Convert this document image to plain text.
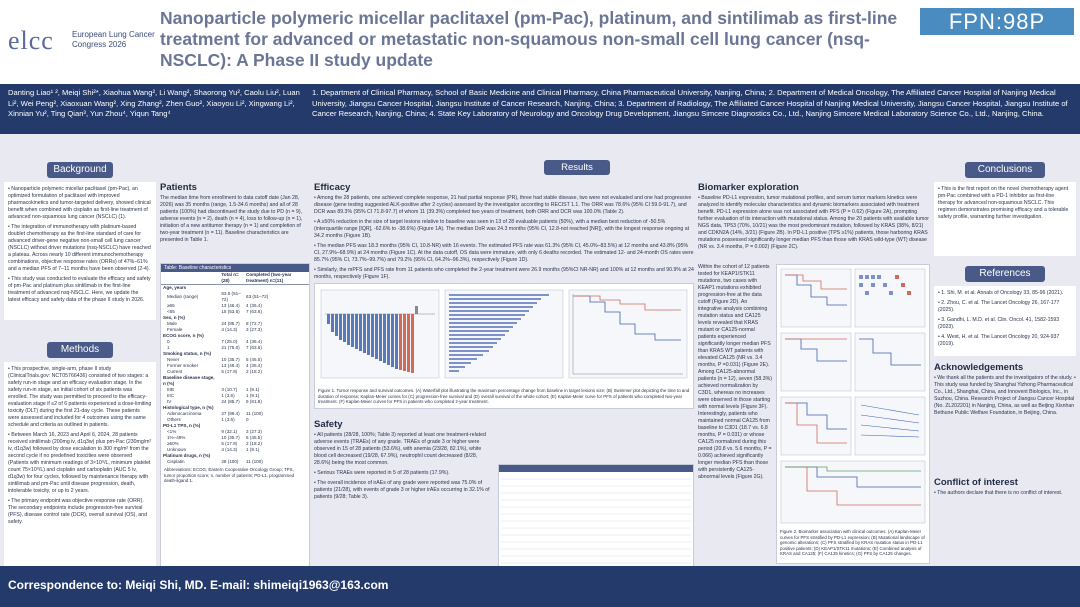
elcc European Lung Cancer Congress 2026
Nanoparticle polymeric micellar paclitaxel (pm-Pac), platinum, and sintilimab as first-line treatment for advanced or metastatic non-squamous non-small cell lung cancer (nsq-NSCLC): A Phase II study update
FPN:98P
Danting Liao¹ ², Meiqi Shi²*, Xiaohua Wang², Li Wang², Shaorong Yu², Caolu Liu², Luan Li², Wei Peng², Xiaoxuan Wang², Xing Zhang², Zhen Guo², Xiaoyou Li², Xingwang Li², Xinnian Yu², Ting Qian³, Yun Zhou⁴, Yiqun Tang⁴
1. Department of Clinical Pharmacy, School of Basic Medicine and Clinical Pharmacy, China Pharmaceutical University, Nanjing, China; 2. Department of Medical Oncology, The Affiliated Cancer Hospital of Nanjing Medical University, Jiangsu Cancer Hospital, Jiangsu Institute of Cancer Research, Nanjing, China; 3. Department of Radiology, The Affiliated Cancer Hospital of Nanjing Medical University, Jiangsu Cancer Hospital, Jiangsu Institute of Cancer Research, Nanjing, China; 4. State Key Laboratory of Neurology and Oncology Drug Development, Jiangsu Simcere Diagnostics Co., Ltd., Nanjing Simcere Medical Laboratory Science Co., Ltd., Nanjing, China.
Background

• Nanoparticle polymeric micellar paclitaxel (pm-Pac), an optimized formulation of paclitaxel with improved pharmacokinetics and tumor-targeted delivery, showed clinical benefit when combined with cisplatin as first-line treatment of advanced non-squamous lung cancer (NSCLC) (1).

• The integration of immunotherapy with platinum-based doublet chemotherapy as the first-line standard of care for advanced driver-gene negative non-small cell lung cancer (NSCLC) without driver mutations (nsq-NSCLC) have reached a plateau. Across nearly 10 different immunochemotherapy combinations, objective response rates (ORRs) of 47%–61% and a median PFS of 7–11 months have been observed (2-4).

• This study was conducted to evaluate the efficacy and safety of pm-Pac and platinum plus sintilimab in the first-line treatment of advanced nsq-NSCLC. Here, we update the latest efficacy and safety data of the phase II study in 2026.

Methods

• This prospective, single-arm, phase II study (ClinicalTrials.gov: NCT05766436) consisted of two stages: a safety run-in stage and an efficacy evaluation stage. In the safety run-in stage, an initial cohort of six patients was enrolled. The study was permitted to proceed to the efficacy-evaluation stage if ≤2 of 6 patients experienced a dose-limiting toxicity (DLT) during the first 21-day cycle. These patients were assessed and included for 4 outcomes using the same schedule and criteria as outlined in patients.

• Between March 16, 2023 and April 6, 2024, 28 patients received sintilimab (200mg iv, d1q3w) plus pm-Pac (230mg/m² iv, d1q3w) followed by dose escalation to 300 mg/m² from the second cycle if no predefined toxicities were observed (Patients with minimum readings of 3×10⁹/L, minimum platelet count 75×10⁹/L) and cisplatin and carboplatin (AUC 5 iv, d1q3w) for four cycles, followed by maintenance therapy with sintilimab and pm-Pac until disease progression, death, intolerable toxicity, or up to 2 years.

• The primary endpoint was objective response rate (ORR). The secondary endpoints include progression-free survival (PFS), disease control rate (DCR), overall survival (OS), and safety.

Results
Patients
The median time from enrollment to data cutoff date (Jan 28, 2026) was 35 months (range, 1.5-34.6 months) and all of 28 patients (100%) had discontinued the study due to PD (n = 9), adverse events (n = 2), death (n = 4), loss to follow-up (n = 1), initiation of a new antitumor therapy (n = 1) and completion of two-year treatment (n = 11). Baseline characteristics are presented in Table 1.
Table: Baseline characteristics
	Total n=(28)	Completed (two-year treatment) n=(11)
Age, years		
Median (range)	63.5 (51–72)	63 (51–72)
≥65	13 (46.4)	4 (36.4)
<65	15 (53.6)	7 (63.6)
Sex, n (%)		
Male	24 (85.7)	8 (72.7)
Female	4 (14.3)	3 (27.3)
ECOG score, n (%)		
0	7 (25.0)	4 (36.4)
1	21 (75.0)	7 (63.6)
Smoking status, n (%)		
Never	10 (35.7)	5 (45.5)
Former smoker	13 (46.4)	4 (36.4)
Current	5 (17.9)	2 (18.2)
Baseline disease stage, n (%)		
IIIB	3 (10.7)	1 (9.1)
IIIC	1 (3.6)	1 (9.1)
IV	24 (85.7)	9 (81.8)
Histological type, n (%)		
Adenocarcinoma	27 (96.4)	11 (100)
Others	1 (3.6)	0
PD-L1 TPS, n (%)		
<1%	9 (32.1)	3 (27.3)
1%–49%	10 (35.7)	5 (45.5)
≥50%	5 (17.9)	2 (18.2)
Unknown	4 (14.3)	1 (9.1)
Platinum drugs, n (%)		
Cisplatin	28 (100)	11 (100)
Abbreviations: ECOG, Eastern Cooperative Oncology Group; TPS, tumor proportion score; n, number of patients; PD-L1, programmed death-ligand 1.
Efficacy

• Among the 28 patients, one achieved complete response, 21 had partial response (PR), three had stable disease, two were not evaluated and one had progressive disease (gene testing suggested ALK-positive after 2 cycles) assessed by the investigator according to RECIST 1.1. The ORR was 78.6% (95% CI 59.0-91.7), and DCR was 89.3% (95% CI 71.8-97.7) of whom 11 (39.3%) completed two years of treatment, both ORR and DCR was 100.0% (Table 2).

• A ≥50% reduction in the size of target lesions relative to baseline was seen in 13 of 28 evaluable patients (50%), with a median best reduction of -50.5% (interquartile range [IQR], -62.6% to -38.6%) (Figure 1A). The median DoR was 24.3 months (95% CI, 12.8-not reached [NR]), with the longest response ongoing at 34.2 months (Figure 1B).

• The median PFS was 18.3 months (95% CI, 10.8-NR) with 16 events. The estimated PFS rate was 61.3% (95% CI, 45.0%–83.5%) at 12 months and 43.8% (95% CI, 27.9%–68.9%) at 24 months (Figure 1C). At the data cutoff, OS data were immature, with only 6 deaths recorded. The estimated 12- and 24-month OS rates were 85.7% (95% CI, 73.7%–99.7%) and 79.2% (95% CI, 64.2%–96.3%), respectively (Figure 1D).

• Similarly, the mPFS and PFS rate from 11 patients who completed the 2-year treatment were 26.9 months (95%CI NR-NR) and 100% at 12 months and 90.9% at 24 months, respectively (Figure 1F).

Figure 1. Tumor response and survival outcomes. (A) Waterfall plot illustrating the maximum percentage change from baseline in target lesions size; (B) Swimmer plot depicting the time to and duration of response; Kaplan-Meier curves for (C) progression-free survival and (D) overall survival of the whole cohort; (E) Kaplan-Meier curve for PFS of patients who completed two-year treatment. (F) Kaplan-Meier curves for PFS in patients who completed 2-year treatment.
Safety

• All patients (28/28, 100%; Table 3) reported at least one treatment-related adverse events (TRAEs) of any grade. TRAEs of grade 3 or higher were observed in 15 of 28 patients (53.6%), with anemia (23/28, 82.1%), white blood cell decreased (19/28, 67.9%), neutrophil count decreased (8/28, 28.6%) being the most common.

• Serious TRAEs were reported in 5 of 28 patients (17.9%).

• The overall incidence of irAEs of any grade were reported was 75.0% of patients (21/28), with events of grade 3 or higher irAEs occurring in 32.1% of patients (9/28; Table 3).

Biomarker exploration
• Baseline PD-L1 expression, tumor mutational profiles, and serum tumor markers kinetics were analyzed to identify molecular characteristics and dynamic biomarkers associated with treatment benefit. PD-L1 expression alone was not associated with PFS (P = 0.62) (Figure 2A), prompting further evaluation of its interaction with mutational status. Among the 20 patients with available tumor NGS data, TP53 (70%, 10/21) was the most predominant mutation, followed by KRAS (38%, 8/21) and CDKN2A (14%, 3/21) (Figure 2B). In PD-L1 positive (TPS ≥1%) patients, those harboring KRAS mutations possessed significantly longer median PFS than those with KRAS wild-type (WT) disease (NR vs. 3.4 months, P = 0.002) (Figure 2C).
Within the cohort of 12 patients tested for KEAP1/STK11 mutations, two cases with KEAP1 mutations exhibited progression-free at the data cutoff (Figure 2D). An integrative analysis combining mutation status and CA125 levels revealed that KRAS mutant or CA125-normal patients experienced significantly longer median PFS than KRAS WT patients with elevated CA125 (NR vs. 3.4 months, P =0.031) (Figure 2E). Among CA125-abnormal patients (n = 12), seven (58.3%) achieved normalization by C3D1, whereas no increases were observed in those starting with normal levels (Figure 3F). Interestingly, patients who maintained normal CA125 from baseline to C3D1 (18.7 vs. 6.8 months, P = 0.031) or whose CA125 normalized during this period (20.8 vs. 5.6 months, P = 0.066) achieved significantly longer median PFS than those with persistently CA125-abnormal levels (Figure 2G).
Figure 2. Biomarker association with clinical outcomes. (A) Kaplan-Meier curves for PFS stratified by PD-L1 expression; (B) Mutational landscape of genomic alterations; (C) PFS stratified by KRAS mutation status in PD-L1 positive patients; (D) KEAP1/STK11 mutations; (E) Combined analysis of KRAS and CA125; (F) CA125 kinetics; (G) PFS by CA125 changes.
Conclusions
• This is the first report on the novel chemotherapy agent pm-Pac combined with a PD-1 inhibitor as first-line therapy for advanced non-squamous NSCLC. This regimen demonstrates promising efficacy and a tolerable safety profile, warranting further investigation.
References

• 1. Shi, M. et al. Annals of Oncology 33, 85-96 (2021).

• 2. Zhou, C. et al. The Lancet Oncology 26, 167-177 (2025).

• 3. Gandhi, L. M.D. et al. Clin. Oncol. 41, 1582-1593 (2023).

• 4. West, H. et al. The Lancet Oncology 20, 924-937 (2019).

Acknowledgements
• We thank all the patients and the investigators of the study. • This study was funded by Shanghai Yizhong Pharmaceutical Co., Ltd., Shanghai, China, and Innovent Biologics, Inc., in Suzhou, China. Research Project of Jiangsu Cancer Hospital (No. ZL202201) in Nanjing, China, as well as Beijing Xisnhan Bethune Public Welfare Foundation, in Beijing, China.
Conflict of interest
• The authors declare that there is no conflict of interest.
Correspondence to: Meiqi Shi, MD. E-mail: shimeiqi1963@163.com
